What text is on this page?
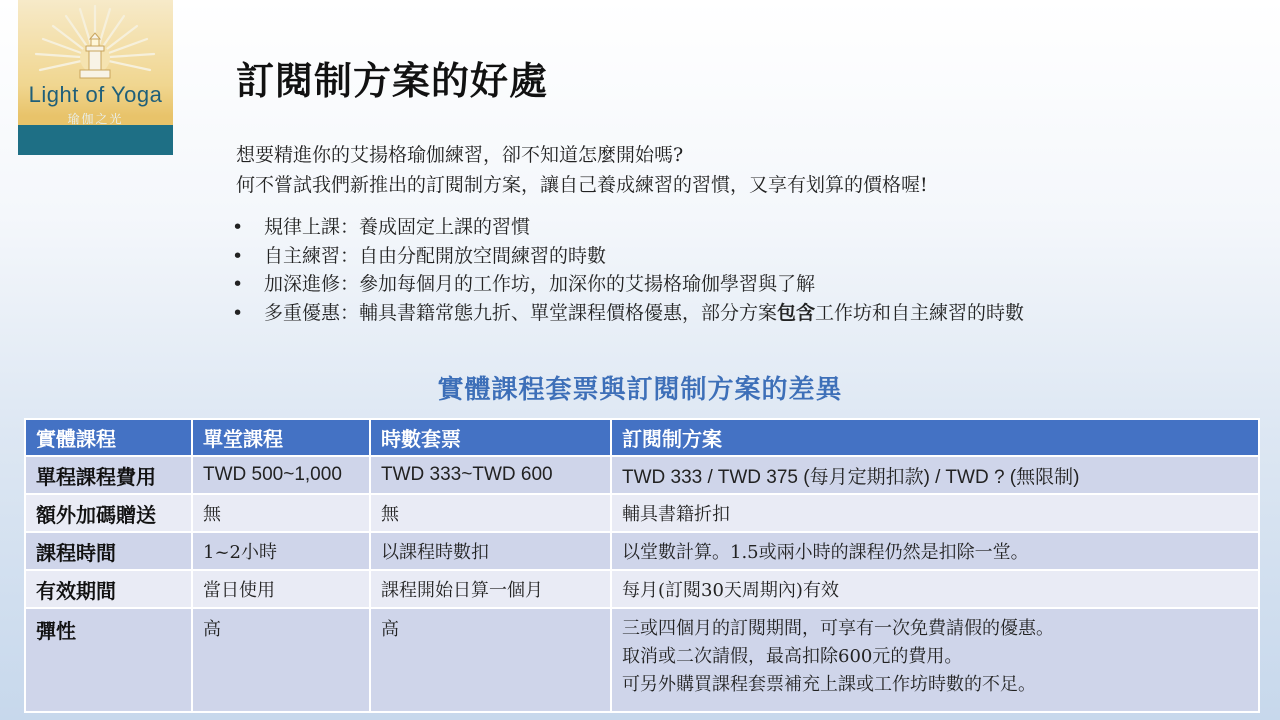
Light of Yoga
瑜伽之光
訂閱制方案的好處
想要精進你的艾揚格瑜伽練習，卻不知道怎麼開始嗎?
何不嘗試我們新推出的訂閱制方案，讓自己養成練習的習慣，又享有划算的價格喔!
• 規律上課：養成固定上課的習慣
• 自主練習：自由分配開放空間練習的時數
• 加深進修：參加每個月的工作坊，加深你的艾揚格瑜伽學習與了解
• 多重優惠：輔具書籍常態九折、單堂課程價格優惠，部分方案包含工作坊和自主練習的時數
實體課程套票與訂閱制方案的差異
實體課程	單堂課程	時數套票	訂閱制方案
單程課程費用	TWD 500~1,000	TWD 333~TWD 600	TWD 333 / TWD 375 (每月定期扣款) / TWD ? (無限制)
額外加碼贈送	無	無	輔具書籍折扣
課程時間	1~2小時	以課程時數扣	以堂數計算。1.5或兩小時的課程仍然是扣除一堂。
有效期間	當日使用	課程開始日算一個月	每月(訂閱30天周期內)有效
彈性	高	高	三或四個月的訂閱期間，可享有一次免費請假的優惠。
取消或二次請假，最高扣除600元的費用。
可另外購買課程套票補充上課或工作坊時數的不足。
